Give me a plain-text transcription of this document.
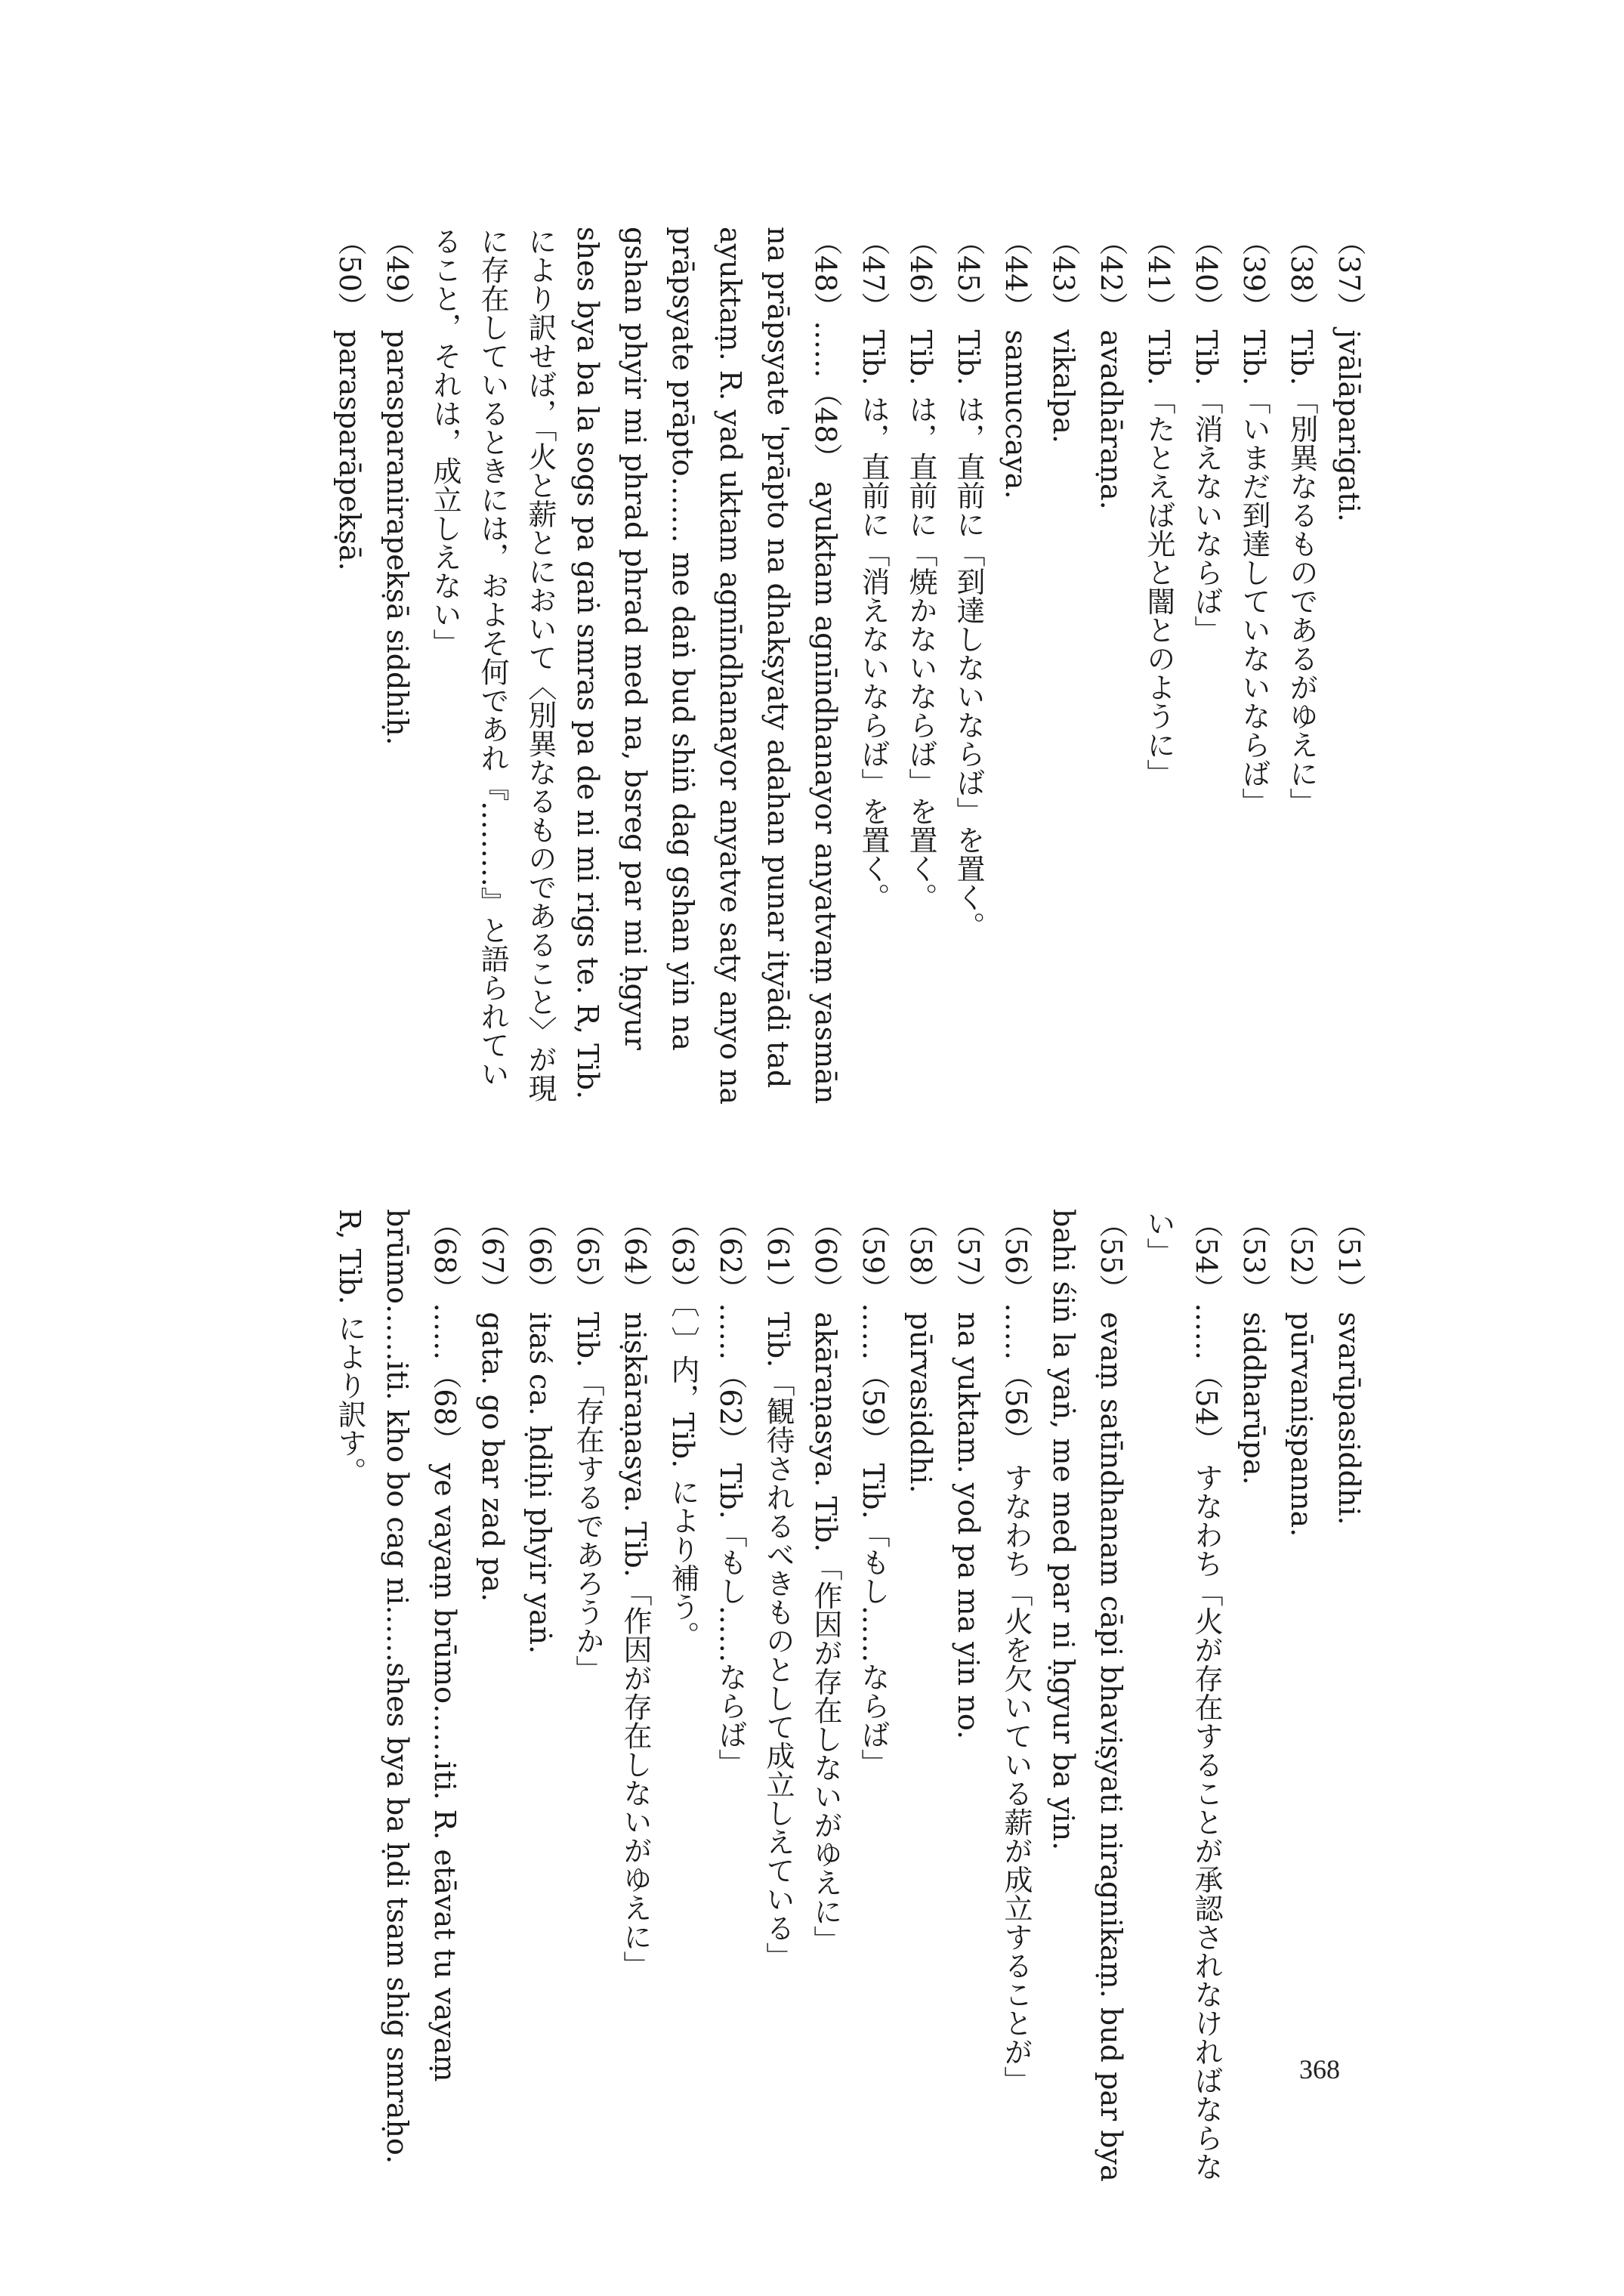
（37） jvālāparigati.
（38） Tib.「別異なるものであるがゆえに」
（39） Tib.「いまだ到達していないならば」
（40） Tib.「消えないならば」
（41） Tib.「たとえば光と闇とのように」
（42） avadhāraṇa.
（43） vikalpa.
（44） samuccaya.
（45） Tib. は，直前に「到達しないならば」を置く。
（46） Tib. は，直前に「焼かないならば」を置く。
（47） Tib. は，直前に「消えないならば」を置く。
（48）……（48） ayuktam agnīndhanayor anyatvaṃ yasmān na prāpsyate 'prāpto na dhakṣyaty adahan punar ityādi tad ayuktaṃ. R. yad uktam agnīndhanayor anyatve saty anyo na prāpsyate prāpto……. me daṅ bud shiṅ dag gshan yin na gshan phyir mi phrad phrad med na, bsreg par mi ḥgyur shes bya ba la sogs pa gaṅ smras pa de ni mi rigs te. R, Tib. により訳せば，「火と薪とにおいて〈別異なるものであること〉が現に存在しているときには，およそ何であれ『………』と語られていること，それは，成立しえない」
（49） parasparanirapekṣā siddhiḥ.
（50） parasparāpekṣā.
（51） svarūpasiddhi.
（52） pūrvaniṣpanna.
（53） siddharūpa.
（54）……（54） すなわち「火が存在することが承認されなければならない」
（55） evaṃ satīndhanam cāpi bhaviṣyati niragnikaṃ. bud par bya bahi śiṅ la yaṅ, me med par ni ḥgyur ba yin.
（56）……（56） すなわち「火を欠いている薪が成立することが」
（57） na yuktam. yod pa ma yin no.
（58） pūrvasiddhi.
（59）……（59） Tib.「もし……ならば」
（60） akāraṇasya. Tib.「作因が存在しないがゆえに」
（61） Tib.「観待されるべきものとして成立しえている」
（62）……（62） Tib.「もし……ならば」
（63）〔 〕内，Tib. により補う。
（64） niṣkāraṇasya. Tib.「作因が存在しないがゆえに」
（65） Tib.「存在するであろうか」
（66） itaś ca. ḥdiḥi phyir yaṅ.
（67） gata. go bar zad pa.
（68）……（68） ye vayaṃ brūmo……iti. R. etāvat tu vayaṃ brūmo……iti. kho bo cag ni……shes bya ba ḥdi tsam shig smraḥo. R, Tib. により訳す。
368
